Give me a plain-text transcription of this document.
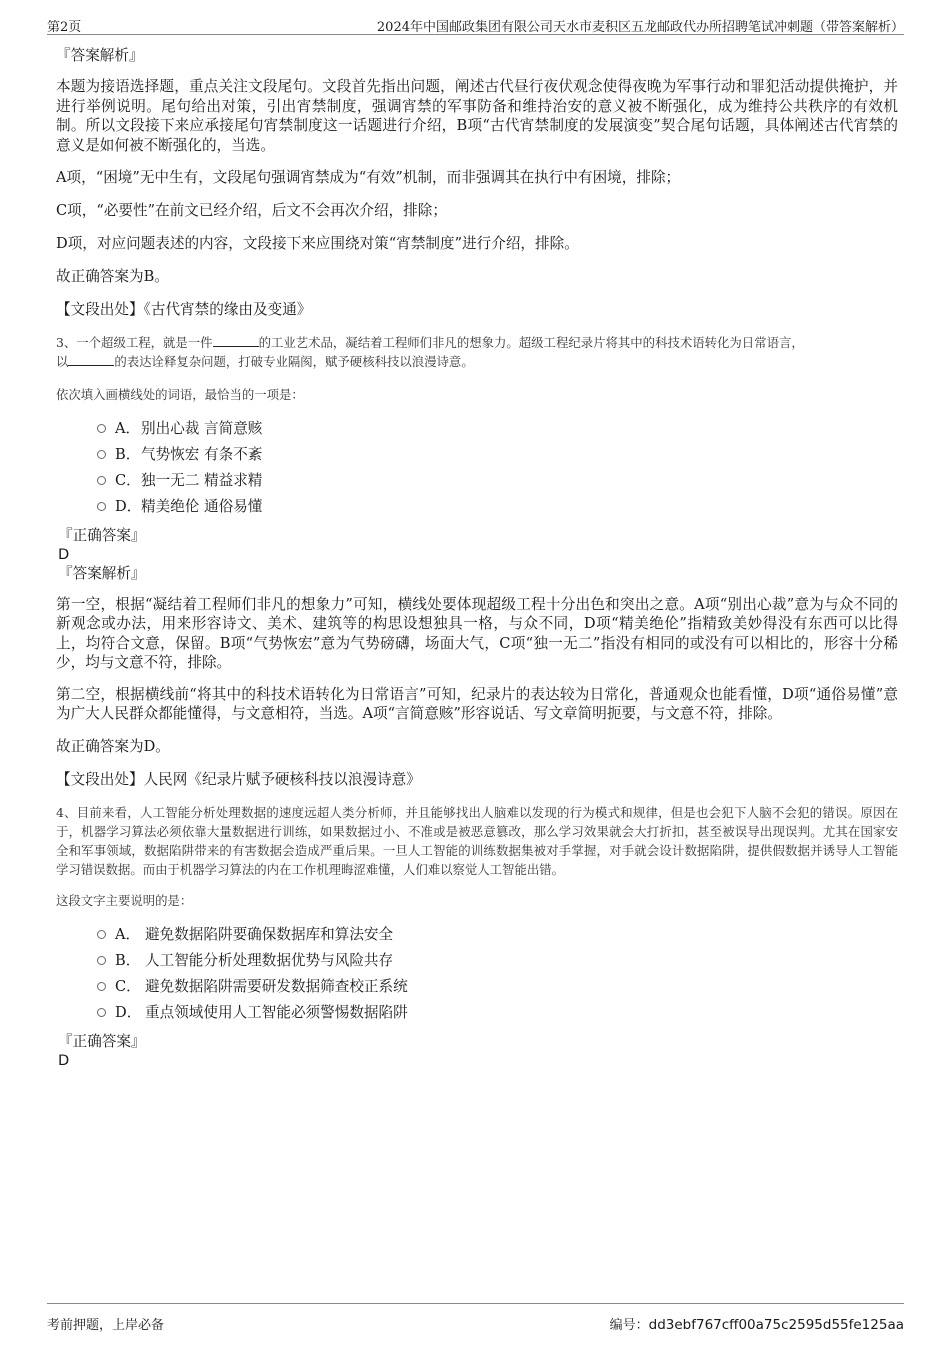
第2页	2024年中国邮政集团有限公司天水市麦积区五龙邮政代办所招聘笔试冲刺题（带答案解析）

『答案解析』

本题为接语选择题，重点关注文段尾句。文段首先指出问题，阐述古代昼行夜伏观念使得夜晚为军事行动和罪犯活动提供掩护，并进行举例说明。尾句给出对策，引出宵禁制度，强调宵禁的军事防备和维持治安的意义被不断强化，成为维持公共秩序的有效机制。所以文段接下来应承接尾句宵禁制度这一话题进行介绍，B项“古代宵禁制度的发展演变”契合尾句话题，具体阐述古代宵禁的意义是如何被不断强化的，当选。

A项，“困境”无中生有，文段尾句强调宵禁成为“有效”机制，而非强调其在执行中有困境，排除；

C项，“必要性”在前文已经介绍，后文不会再次介绍，排除；

D项，对应问题表述的内容，文段接下来应围绕对策“宵禁制度”进行介绍，排除。

故正确答案为B。

【文段出处】《古代宵禁的缘由及变通》

3、一个超级工程，就是一件	的工业艺术品，凝结着工程师们非凡的想象力。超级工程纪录片将其中的科技术语转化为日常语言，
以	的表达诠释复杂问题，打破专业隔阂，赋予硬核科技以浪漫诗意。

依次填入画横线处的词语，最恰当的一项是：

A． 别出心裁 言简意赅
B． 气势恢宏 有条不紊
C． 独一无二 精益求精
D． 精美绝伦 通俗易懂

『正确答案』

D

『答案解析』

第一空，根据“凝结着工程师们非凡的想象力”可知，横线处要体现超级工程十分出色和突出之意。A项“别出心裁”意为与众不同的新观念或办法，用来形容诗文、美术、建筑等的构思设想独具一格，与众不同，D项“精美绝伦”指精致美妙得没有东西可以比得上，均符合文意，保留。B项“气势恢宏”意为气势磅礴，场面大气，C项“独一无二”指没有相同的或没有可以相比的，形容十分稀少，均与文意不符，排除。

第二空，根据横线前“将其中的科技术语转化为日常语言”可知，纪录片的表达较为日常化，普通观众也能看懂，D项“通俗易懂”意为广大人民群众都能懂得，与文意相符，当选。A项“言简意赅”形容说话、写文章简明扼要，与文意不符，排除。

故正确答案为D。

【文段出处】人民网《纪录片赋予硬核科技以浪漫诗意》

4、目前来看，人工智能分析处理数据的速度远超人类分析师，并且能够找出人脑难以发现的行为模式和规律，但是也会犯下人脑不会犯的错误。原因在于，机器学习算法必须依靠大量数据进行训练，如果数据过小、不准或是被恶意篡改，那么学习效果就会大打折扣，甚至被误导出现误判。尤其在国家安全和军事领域，数据陷阱带来的有害数据会造成严重后果。一旦人工智能的训练数据集被对手掌握，对手就会设计数据陷阱，提供假数据并诱导人工智能学习错误数据。而由于机器学习算法的内在工作机理晦涩难懂，人们难以察觉人工智能出错。

这段文字主要说明的是：

A． 避免数据陷阱要确保数据库和算法安全
B． 人工智能分析处理数据优势与风险共存
C． 避免数据陷阱需要研发数据筛查校正系统
D． 重点领域使用人工智能必须警惕数据陷阱

『正确答案』

D

考前押题，上岸必备	编号：dd3ebf767cff00a75c2595d55fe125aa
